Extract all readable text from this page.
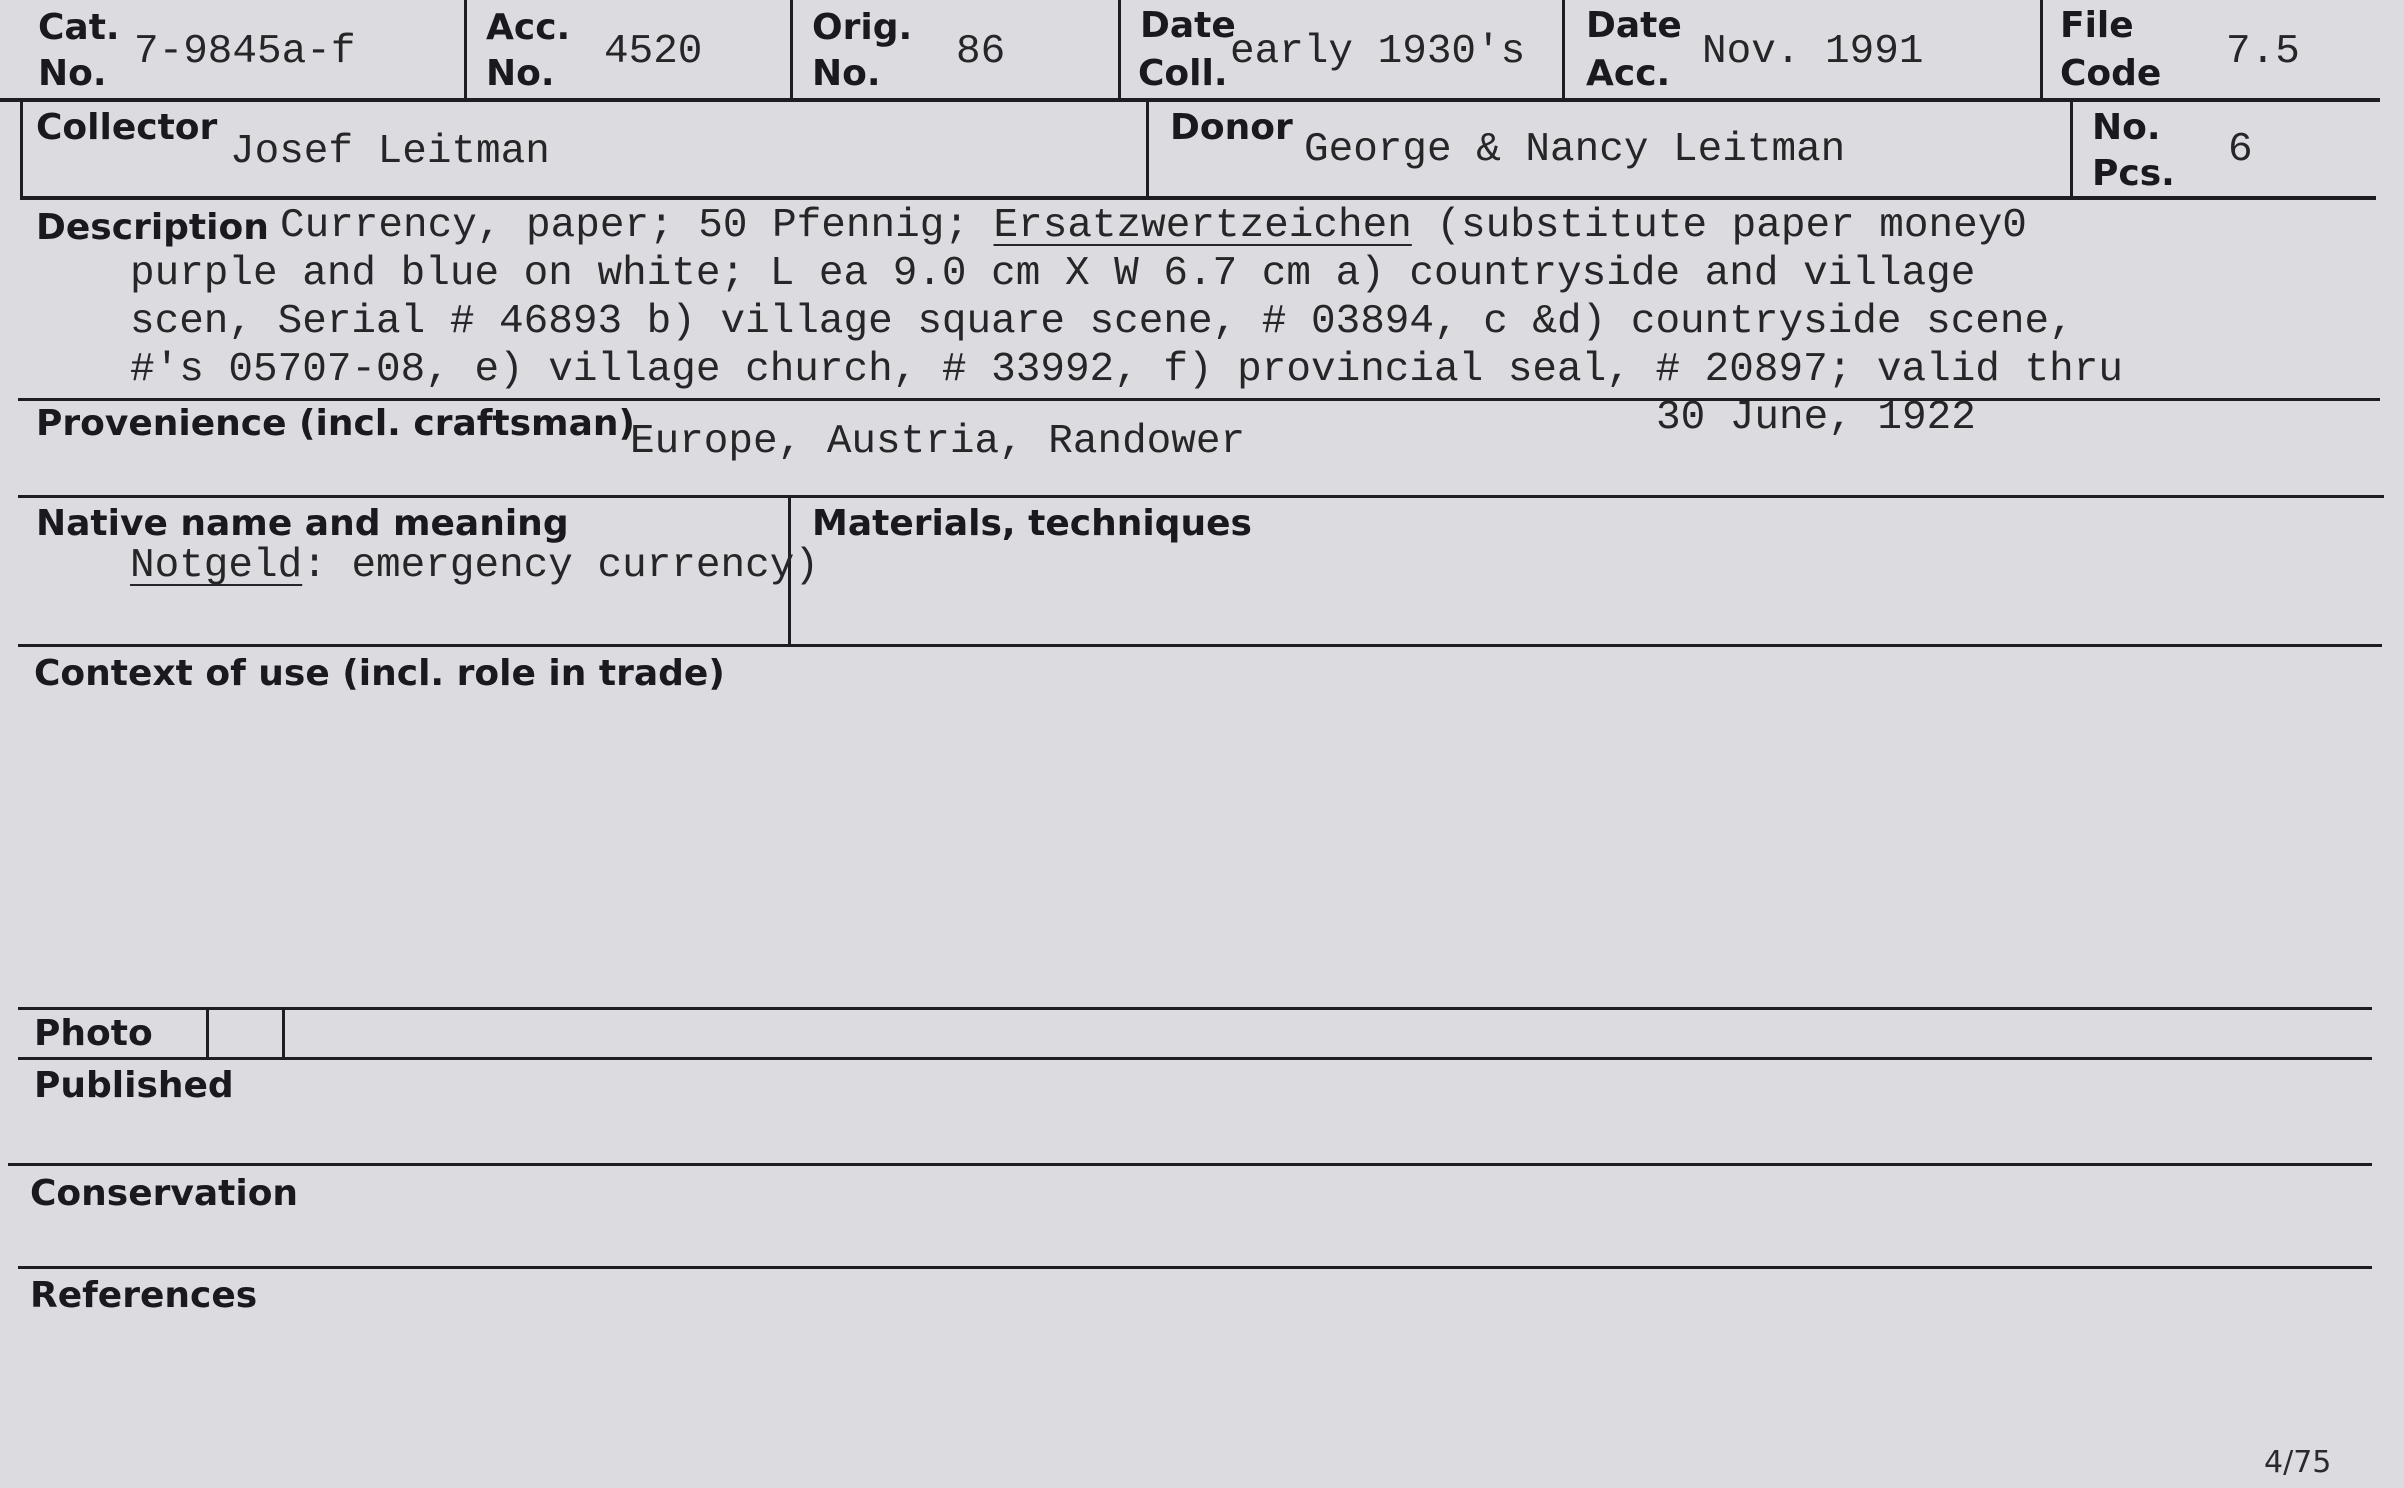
Cat.
No. 7-9845a-f
Acc.
No. 4520
Orig.
No. 86
Date
Coll. early 1930's
Date
Acc. Nov. 1991
File
Code 7.5
Collector
Josef Leitman
Donor George & Nancy Leitman	No.
Pcs.
6
Description Currency, paper; 50 Pfennig; Ersatzwertzeichen (substitute paper money0
purple and blue on white; L ea 9.0 cm X W 6.7 cm a) countryside and village
scen, Serial # 46893 b) village square scene, # 03894, c &d) countryside scene,
#'s 05707-08, e) village church, # 33992, f) provincial seal, # 20897; valid thru
Provenience (incl. craftsman)
Europe, Austria, Randower
30 June, 1922
Native name and meaning
Notgeld: emergency currency)
Materials, techniques
Context of use (incl. role in trade)
Photo
Published
Conservation
References
4/75
